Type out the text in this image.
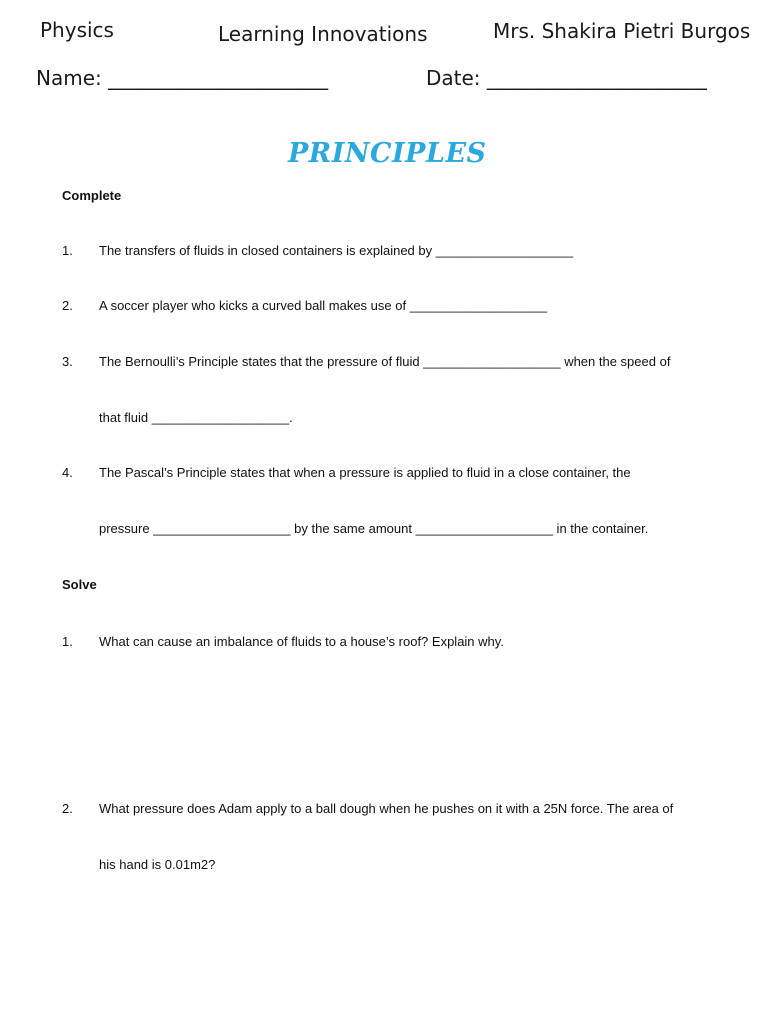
Physics	Learning Innovations	Mrs. Shakira Pietri Burgos
Name: ______________________	Date: ______________________
PRINCIPLES
Complete
1. The transfers of fluids in closed containers is explained by ___________________
2. A soccer player who kicks a curved ball makes use of ___________________
3. The Bernoulli’s Principle states that the pressure of fluid ___________________ when the speed of
that fluid ___________________.
4. The Pascal’s Principle states that when a pressure is applied to fluid in a close container, the
pressure ___________________ by the same amount ___________________ in the container.
Solve
1. What can cause an imbalance of fluids to a house’s roof? Explain why.
2. What pressure does Adam apply to a ball dough when he pushes on it with a 25N force. The area of
his hand is 0.01m2?
